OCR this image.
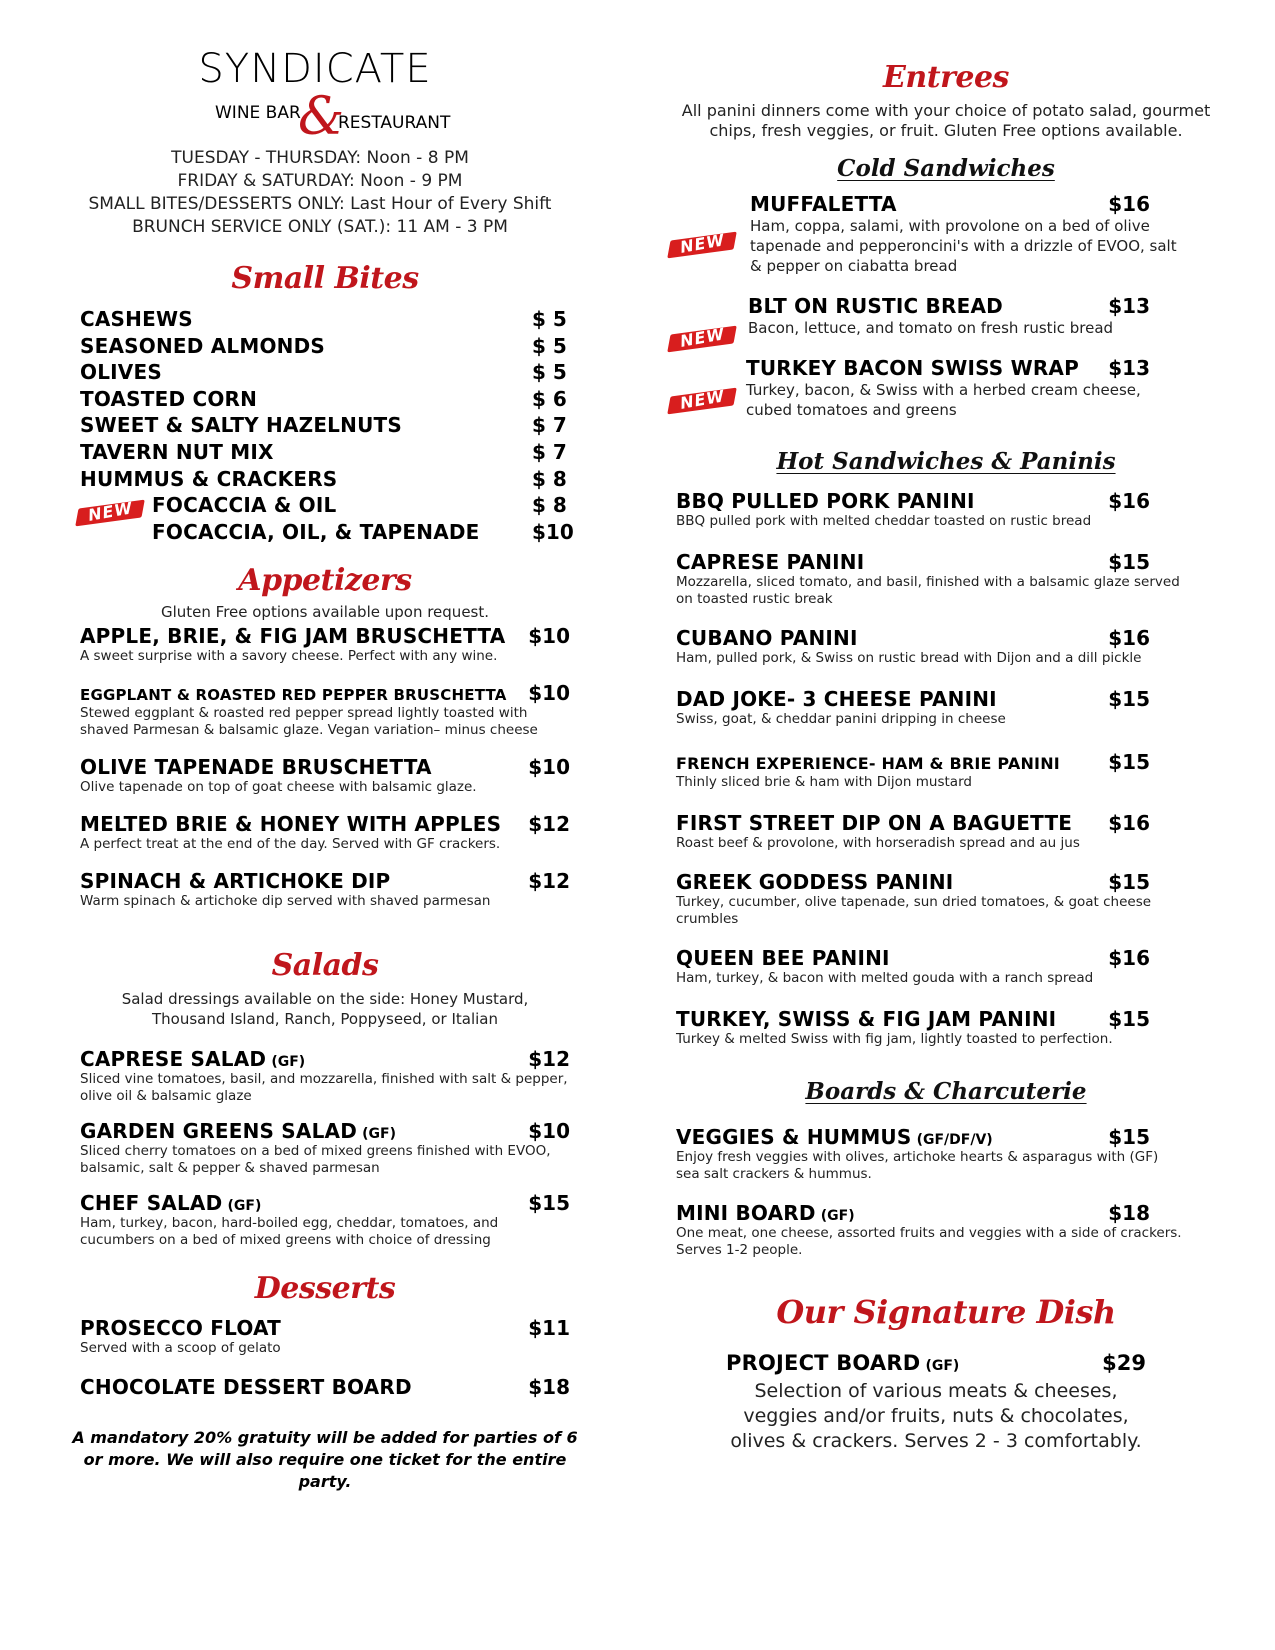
SYNDICATE
WINE BAR
&
RESTAURANT
TUESDAY - THURSDAY: Noon - 8 PM
FRIDAY & SATURDAY: Noon - 9 PM
SMALL BITES/DESSERTS ONLY: Last Hour of Every Shift
BRUNCH SERVICE ONLY (SAT.): 11 AM - 3 PM
Small Bites
CASHEWS	$ 5
SEASONED ALMONDS	$ 5
OLIVES	$ 5
TOASTED CORN	$ 6
SWEET & SALTY HAZELNUTS	$ 7
TAVERN NUT MIX	$ 7
HUMMUS & CRACKERS	$ 8
NEW FOCACCIA & OIL	$ 8
FOCACCIA, OIL, & TAPENADE	$10
Appetizers
Gluten Free options available upon request.
APPLE, BRIE, & FIG JAM BRUSCHETTA $10
A sweet surprise with a savory cheese. Perfect with any wine.
EGGPLANT & ROASTED RED PEPPER BRUSCHETTA $10
Stewed eggplant & roasted red pepper spread lightly toasted with shaved Parmesan & balsamic glaze. Vegan variation– minus cheese
OLIVE TAPENADE BRUSCHETTA	$10
Olive tapenade on top of goat cheese with balsamic glaze.
MELTED BRIE & HONEY WITH APPLES $12
A perfect treat at the end of the day. Served with GF crackers.
SPINACH & ARTICHOKE DIP	$12
Warm spinach & artichoke dip served with shaved parmesan
Salads
Salad dressings available on the side: Honey Mustard, Thousand Island, Ranch, Poppyseed, or Italian
CAPRESE SALAD (GF)	$12
Sliced vine tomatoes, basil, and mozzarella, finished with salt & pepper, olive oil & balsamic glaze
GARDEN GREENS SALAD (GF)	$10
Sliced cherry tomatoes on a bed of mixed greens finished with EVOO, balsamic, salt & pepper & shaved parmesan
CHEF SALAD (GF)	$15
Ham, turkey, bacon, hard-boiled egg, cheddar, tomatoes, and cucumbers on a bed of mixed greens with choice of dressing
Desserts
PROSECCO FLOAT	$11
Served with a scoop of gelato
CHOCOLATE DESSERT BOARD	$18
A mandatory 20% gratuity will be added for parties of 6 or more. We will also require one ticket for the entire party.
Entrees
All panini dinners come with your choice of potato salad, gourmet chips, fresh veggies, or fruit. Gluten Free options available.
Cold Sandwiches
NEW
MUFFALETTA	$16
Ham, coppa, salami, with provolone on a bed of olive tapenade and pepperoncini's with a drizzle of EVOO, salt & pepper on ciabatta bread
NEW
BLT ON RUSTIC BREAD	$13
Bacon, lettuce, and tomato on fresh rustic bread
NEW
TURKEY BACON SWISS WRAP $13
Turkey, bacon, & Swiss with a herbed cream cheese, cubed tomatoes and greens
Hot Sandwiches & Paninis
BBQ PULLED PORK PANINI	$16
BBQ pulled pork with melted cheddar toasted on rustic bread
CAPRESE PANINI	$15
Mozzarella, sliced tomato, and basil, finished with a balsamic glaze served on toasted rustic break
CUBANO PANINI	$16
Ham, pulled pork, & Swiss on rustic bread with Dijon and a dill pickle
DAD JOKE- 3 CHEESE PANINI	$15
Swiss, goat, & cheddar panini dripping in cheese
FRENCH EXPERIENCE- HAM & BRIE PANINI $15
Thinly sliced brie & ham with Dijon mustard
FIRST STREET DIP ON A BAGUETTE $16
Roast beef & provolone, with horseradish spread and au jus
GREEK GODDESS PANINI	$15
Turkey, cucumber, olive tapenade, sun dried tomatoes, & goat cheese crumbles
QUEEN BEE PANINI	$16
Ham, turkey, & bacon with melted gouda with a ranch spread
TURKEY, SWISS & FIG JAM PANINI	$15
Turkey & melted Swiss with fig jam, lightly toasted to perfection.
Boards & Charcuterie
VEGGIES & HUMMUS (GF/DF/V)	$15
Enjoy fresh veggies with olives, artichoke hearts & asparagus with (GF) sea salt crackers & hummus.
MINI BOARD (GF)	$18
One meat, one cheese, assorted fruits and veggies with a side of crackers. Serves 1-2 people.
Our Signature Dish
PROJECT BOARD (GF)	$29
Selection of various meats & cheeses, veggies and/or fruits, nuts & chocolates, olives & crackers. Serves 2 - 3 comfortably.
